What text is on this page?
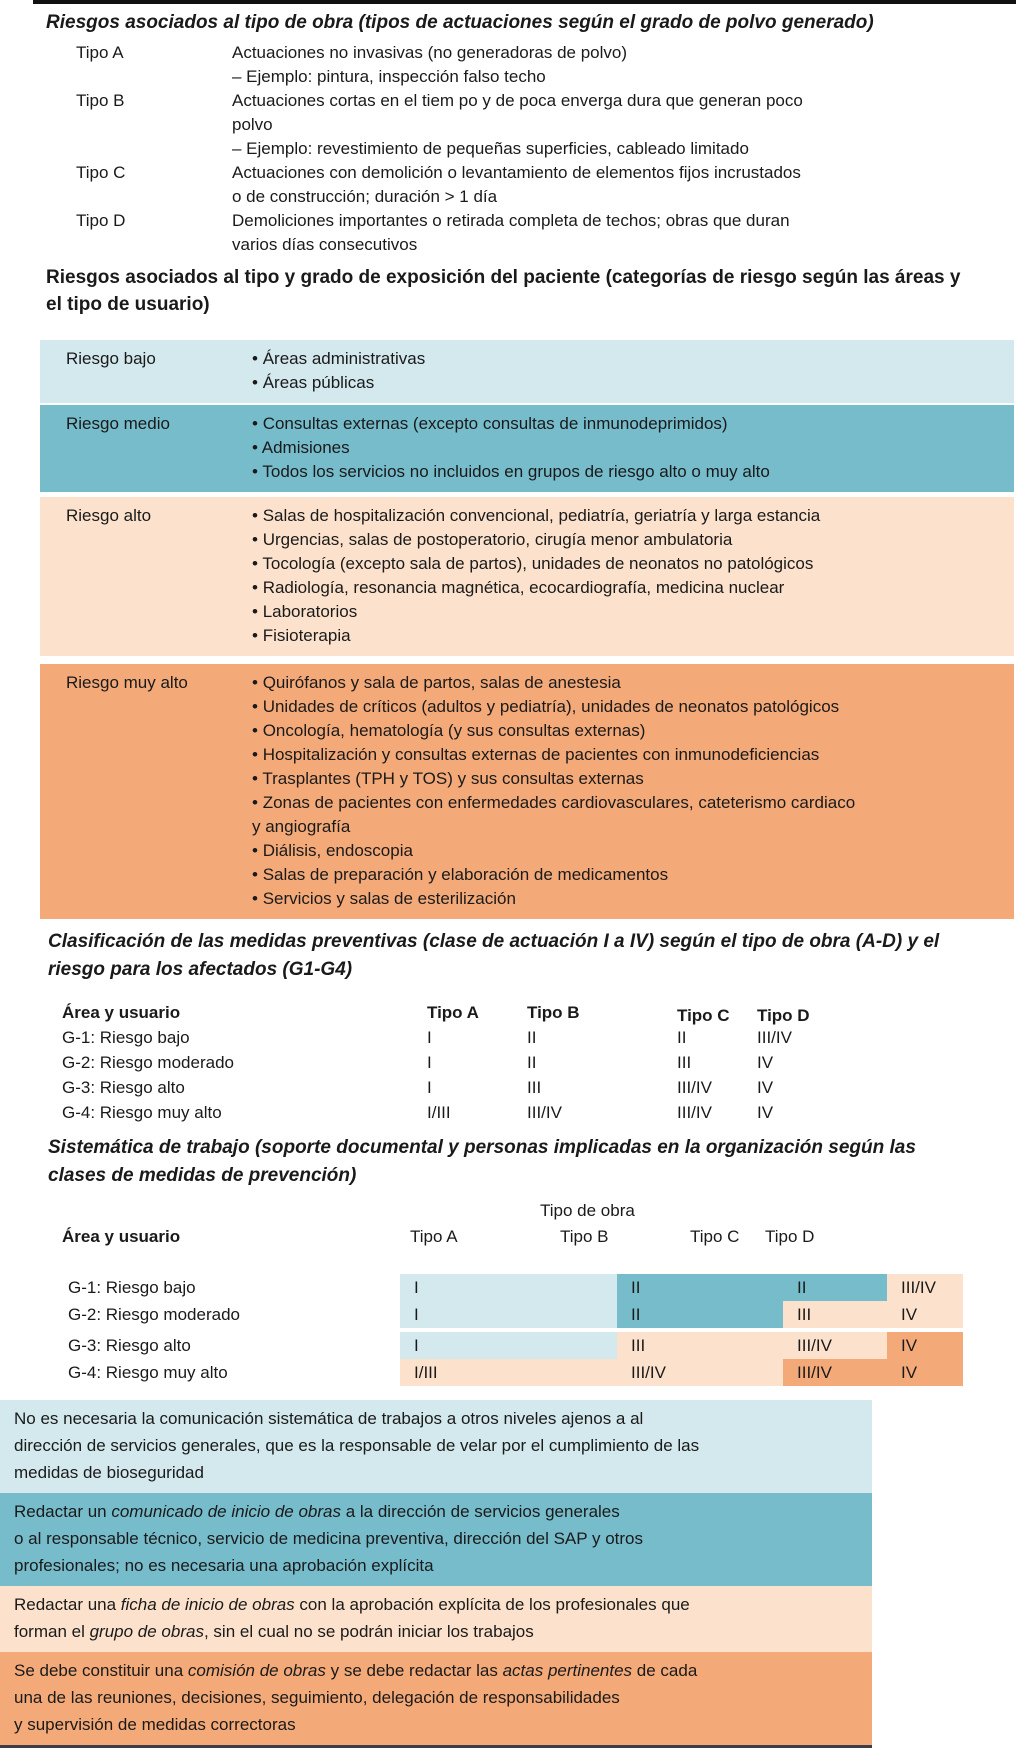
Riesgos asociados al tipo de obra (tipos de actuaciones según el grado de polvo generado)
Tipo A	Actuaciones no invasivas (no generadoras de polvo)
– Ejemplo: pintura, inspección falso techo
Tipo B	Actuaciones cortas en el tiem po y de poca enverga dura que generan poco
polvo
– Ejemplo: revestimiento de pequeñas superficies, cableado limitado
Tipo C	Actuaciones con demolición o levantamiento de elementos fijos incrustados
o de construcción; duración > 1 día
Tipo D	Demoliciones importantes o retirada completa de techos; obras que duran
varios días consecutivos
Riesgos asociados al tipo y grado de exposición del paciente (categorías de riesgo según las áreas y el tipo de usuario)
Riesgo bajo	• Áreas administrativas
• Áreas públicas
Riesgo medio	• Consultas externas (excepto consultas de inmunodeprimidos)
• Admisiones
• Todos los servicios no incluidos en grupos de riesgo alto o muy alto
Riesgo alto	• Salas de hospitalización convencional, pediatría, geriatría y larga estancia
• Urgencias, salas de postoperatorio, cirugía menor ambulatoria
• Tocología (excepto sala de partos), unidades de neonatos no patológicos
• Radiología, resonancia magnética, ecocardiografía, medicina nuclear
• Laboratorios
• Fisioterapia
Riesgo muy alto	• Quirófanos y sala de partos, salas de anestesia
• Unidades de críticos (adultos y pediatría), unidades de neonatos patológicos
• Oncología, hematología (y sus consultas externas)
• Hospitalización y consultas externas de pacientes con inmunodeficiencias
• Trasplantes (TPH y TOS) y sus consultas externas
• Zonas de pacientes con enfermedades cardiovasculares, cateterismo cardiaco y angiografía
• Diálisis, endoscopia
• Salas de preparación y elaboración de medicamentos
• Servicios y salas de esterilización
Clasificación de las medidas preventivas (clase de actuación I a IV) según el tipo de obra (A-D) y el riesgo para los afectados (G1-G4)
Área y usuario	Tipo A	Tipo B	Tipo C	Tipo D
G-1: Riesgo bajo	I	II	II	III/IV
G-2: Riesgo moderado	I	II	III	IV
G-3: Riesgo alto	I	III	III/IV	IV
G-4: Riesgo muy alto	I/III	III/IV	III/IV	IV
Sistemática de trabajo (soporte documental y personas implicadas en la organización según las clases de medidas de prevención)
Tipo de obra
Área y usuario	Tipo A	Tipo B	Tipo C	Tipo D
G-1: Riesgo bajo	I	II	II	III/IV
G-2: Riesgo moderado	I	II	III	IV
G-3: Riesgo alto	I	III	III/IV	IV
G-4: Riesgo muy alto	I/III	III/IV	III/IV	IV
No es necesaria la comunicación sistemática de trabajos a otros niveles ajenos a al
dirección de servicios generales, que es la responsable de velar por el cumplimiento de las
medidas de bioseguridad
Redactar un comunicado de inicio de obras a la dirección de servicios generales
o al responsable técnico, servicio de medicina preventiva, dirección del SAP y otros
profesionales; no es necesaria una aprobación explícita
Redactar una ficha de inicio de obras con la aprobación explícita de los profesionales que
forman el grupo de obras, sin el cual no se podrán iniciar los trabajos
Se debe constituir una comisión de obras y se debe redactar las actas pertinentes de cada
una de las reuniones, decisiones, seguimiento, delegación de responsabilidades
y supervisión de medidas correctoras
